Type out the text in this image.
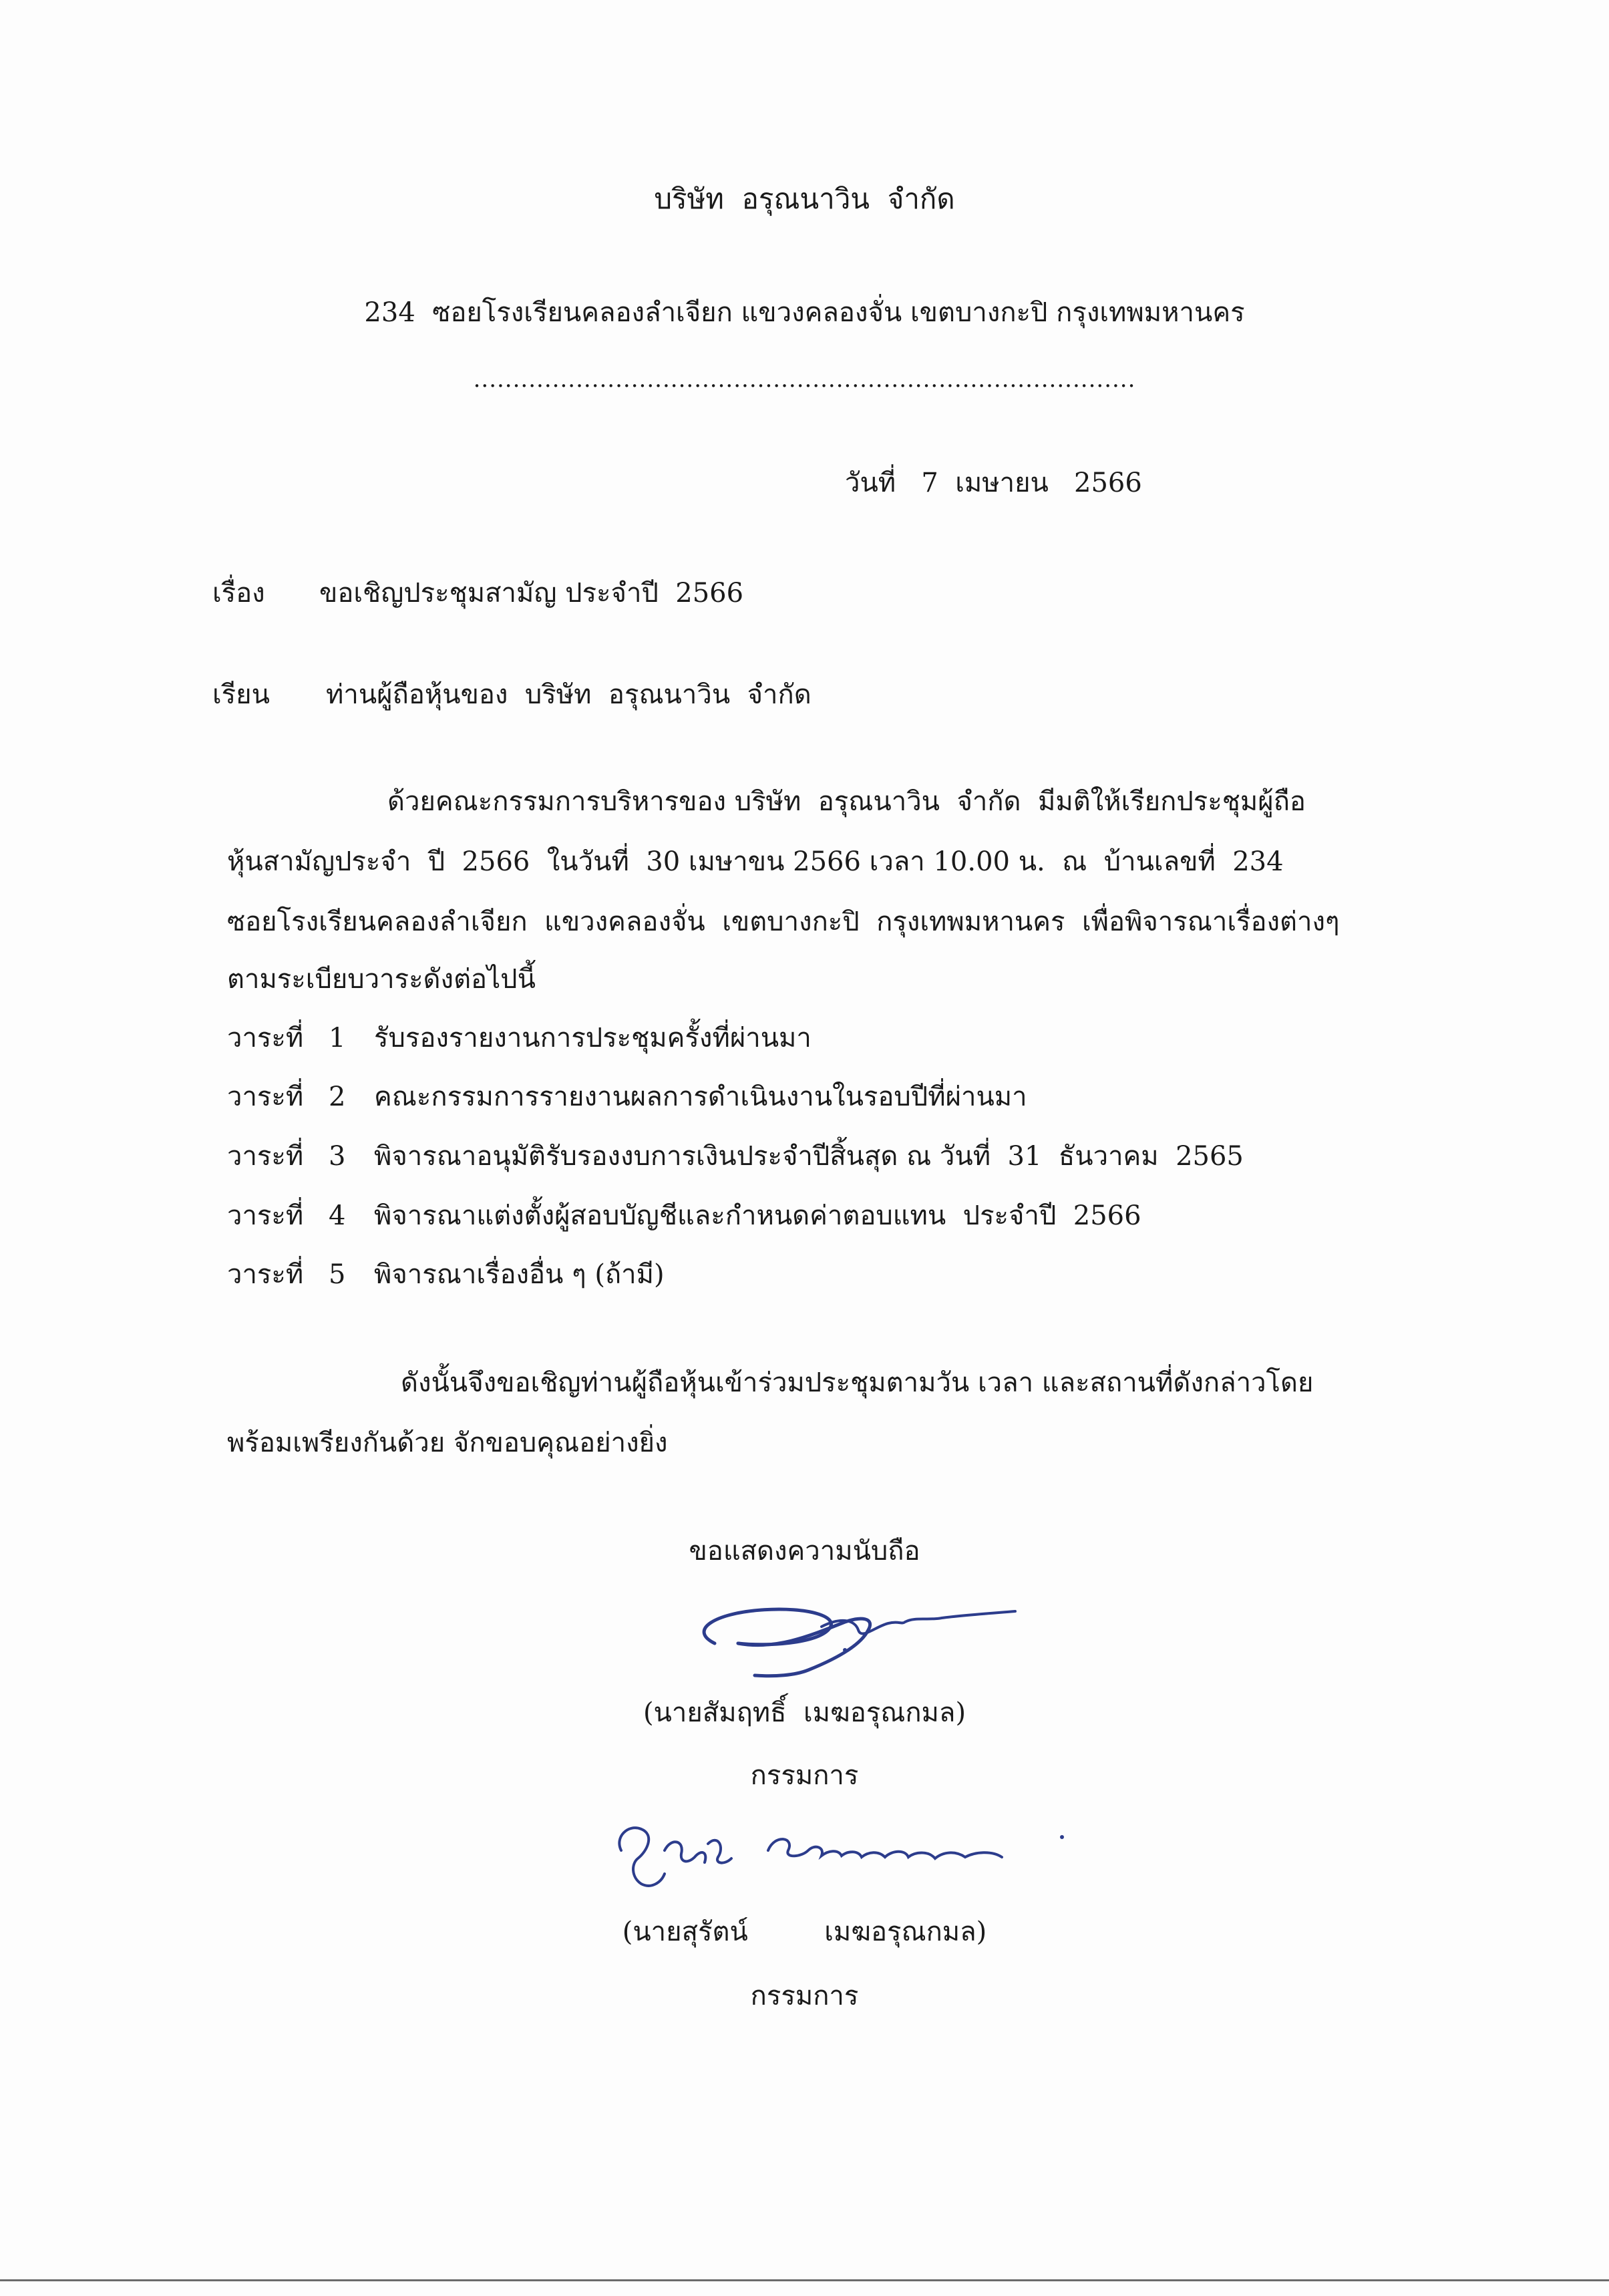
บริษัท  อรุณนาวิน  จำกัด
234  ซอยโรงเรียนคลองลำเจียก แขวงคลองจั่น เขตบางกะปิ กรุงเทพมหานคร
....................................................................................
วันที่   7  เมษายน   2566
เรื่อง ขอเชิญประชุมสามัญ ประจำปี  2566
เรียน ท่านผู้ถือหุ้นของ  บริษัท  อรุณนาวิน  จำกัด
ด้วยคณะกรรมการบริหารของ บริษัท  อรุณนาวิน  จำกัด  มีมติให้เรียกประชุมผู้ถือ
หุ้นสามัญประจำ  ปี  2566  ในวันที่  30 เมษาขน 2566 เวลา 10.00 น.  ณ  บ้านเลขที่  234
ซอยโรงเรียนคลองลำเจียก  แขวงคลองจั่น  เขตบางกะปิ  กรุงเทพมหานคร  เพื่อพิจารณาเรื่องต่างๆ
ตามระเบียบวาระดังต่อไปนี้
วาระที่ 1 รับรองรายงานการประชุมครั้งที่ผ่านมา
วาระที่ 2 คณะกรรมการรายงานผลการดำเนินงานในรอบปีที่ผ่านมา
วาระที่ 3 พิจารณาอนุมัติรับรองงบการเงินประจำปีสิ้นสุด ณ วันที่  31  ธันวาคม  2565
วาระที่ 4 พิจารณาแต่งตั้งผู้สอบบัญชีและกำหนดค่าตอบแทน  ประจำปี  2566
วาระที่ 5 พิจารณาเรื่องอื่น ๆ (ถ้ามี)
ดังนั้นจึงขอเชิญท่านผู้ถือหุ้นเข้าร่วมประชุมตามวัน เวลา และสถานที่ดังกล่าวโดย
พร้อมเพรียงกันด้วย จักขอบคุณอย่างยิ่ง
ขอแสดงความนับถือ
(นายสัมฤทธิ์  เมฆอรุณกมล)
กรรมการ
(นายสุรัตน์         เมฆอรุณกมล)
กรรมการ
